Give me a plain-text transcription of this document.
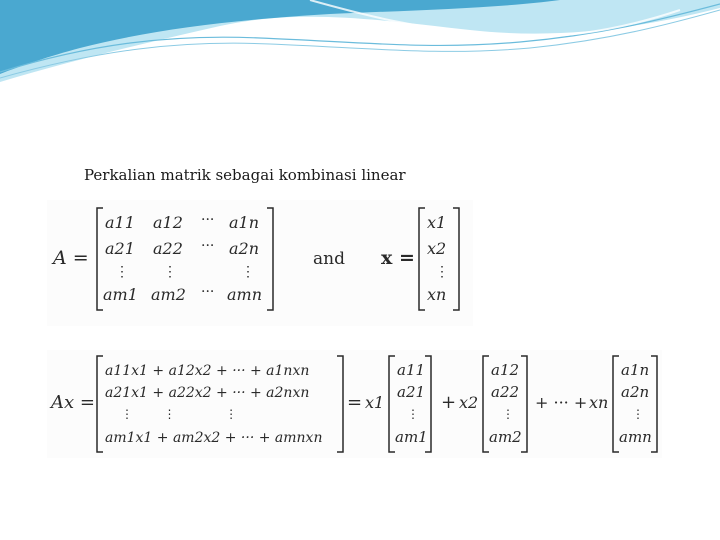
Perkalian matrik sebagai kombinasi linear
A =
a11 a12 ··· a1n
a21 a22 ··· a2n
⋮ ⋮	⋮
am1 am2 ··· amn
and x =
x1
x2
⋮
xn
Ax =
a11x1 + a12x2 + ··· + a1nxn
a21x1 + a22x2 + ··· + a2nxn
⋮        ⋮             ⋮
am1x1 + am2x2 + ··· + amnxn
= x1
a11
a21
⋮
am1
+ x2
a12
a22
⋮
am2
+ ··· + xn
a1n
a2n
⋮
amn
